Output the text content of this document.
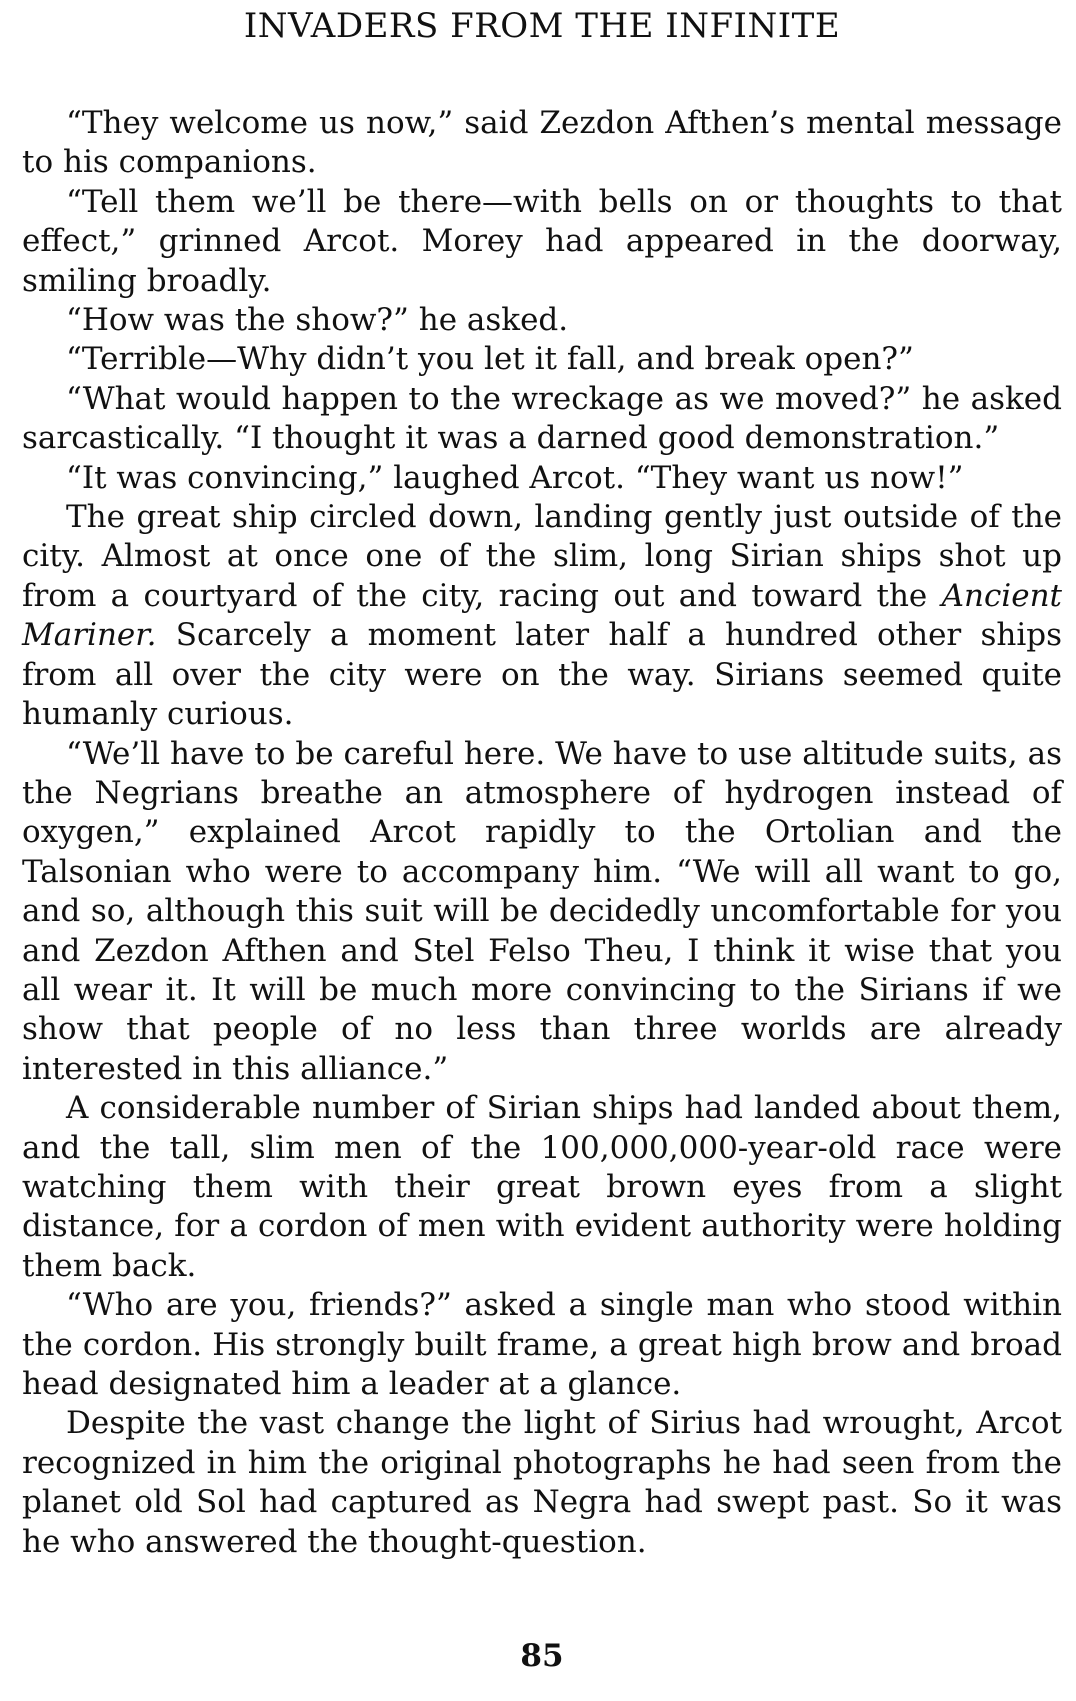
INVADERS FROM THE INFINITE

“They welcome us now,” said Zezdon Afthen’s mental message to his companions.

“Tell them we’ll be there—with bells on or thoughts to that effect,” grinned Arcot. Morey had appeared in the doorway, smiling broadly.

“How was the show?” he asked.

“Terrible—Why didn’t you let it fall, and break open?”

“What would happen to the wreckage as we moved?” he asked sarcastically. “I thought it was a darned good demonstration.”

“It was convincing,” laughed Arcot. “They want us now!”

The great ship circled down, landing gently just outside of the city. Almost at once one of the slim, long Sirian ships shot up from a courtyard of the city, racing out and toward the Ancient Mariner. Scarcely a moment later half a hundred other ships from all over the city were on the way. Sirians seemed quite humanly curious.

“We’ll have to be careful here. We have to use altitude suits, as the Negrians breathe an atmosphere of hydrogen instead of oxygen,” explained Arcot rapidly to the Ortolian and the Talsonian who were to accompany him. “We will all want to go, and so, although this suit will be decidedly uncomfortable for you and Zezdon Afthen and Stel Felso Theu, I think it wise that you all wear it. It will be much more convincing to the Sirians if we show that people of no less than three worlds are already interested in this alliance.”

A considerable number of Sirian ships had landed about them, and the tall, slim men of the 100,000,000-year-old race were watching them with their great brown eyes from a slight distance, for a cordon of men with evident authority were holding them back.

“Who are you, friends?” asked a single man who stood within the cordon. His strongly built frame, a great high brow and broad head designated him a leader at a glance.

Despite the vast change the light of Sirius had wrought, Arcot recognized in him the original photographs he had seen from the planet old Sol had captured as Negra had swept past. So it was he who answered the thought-question.

85
